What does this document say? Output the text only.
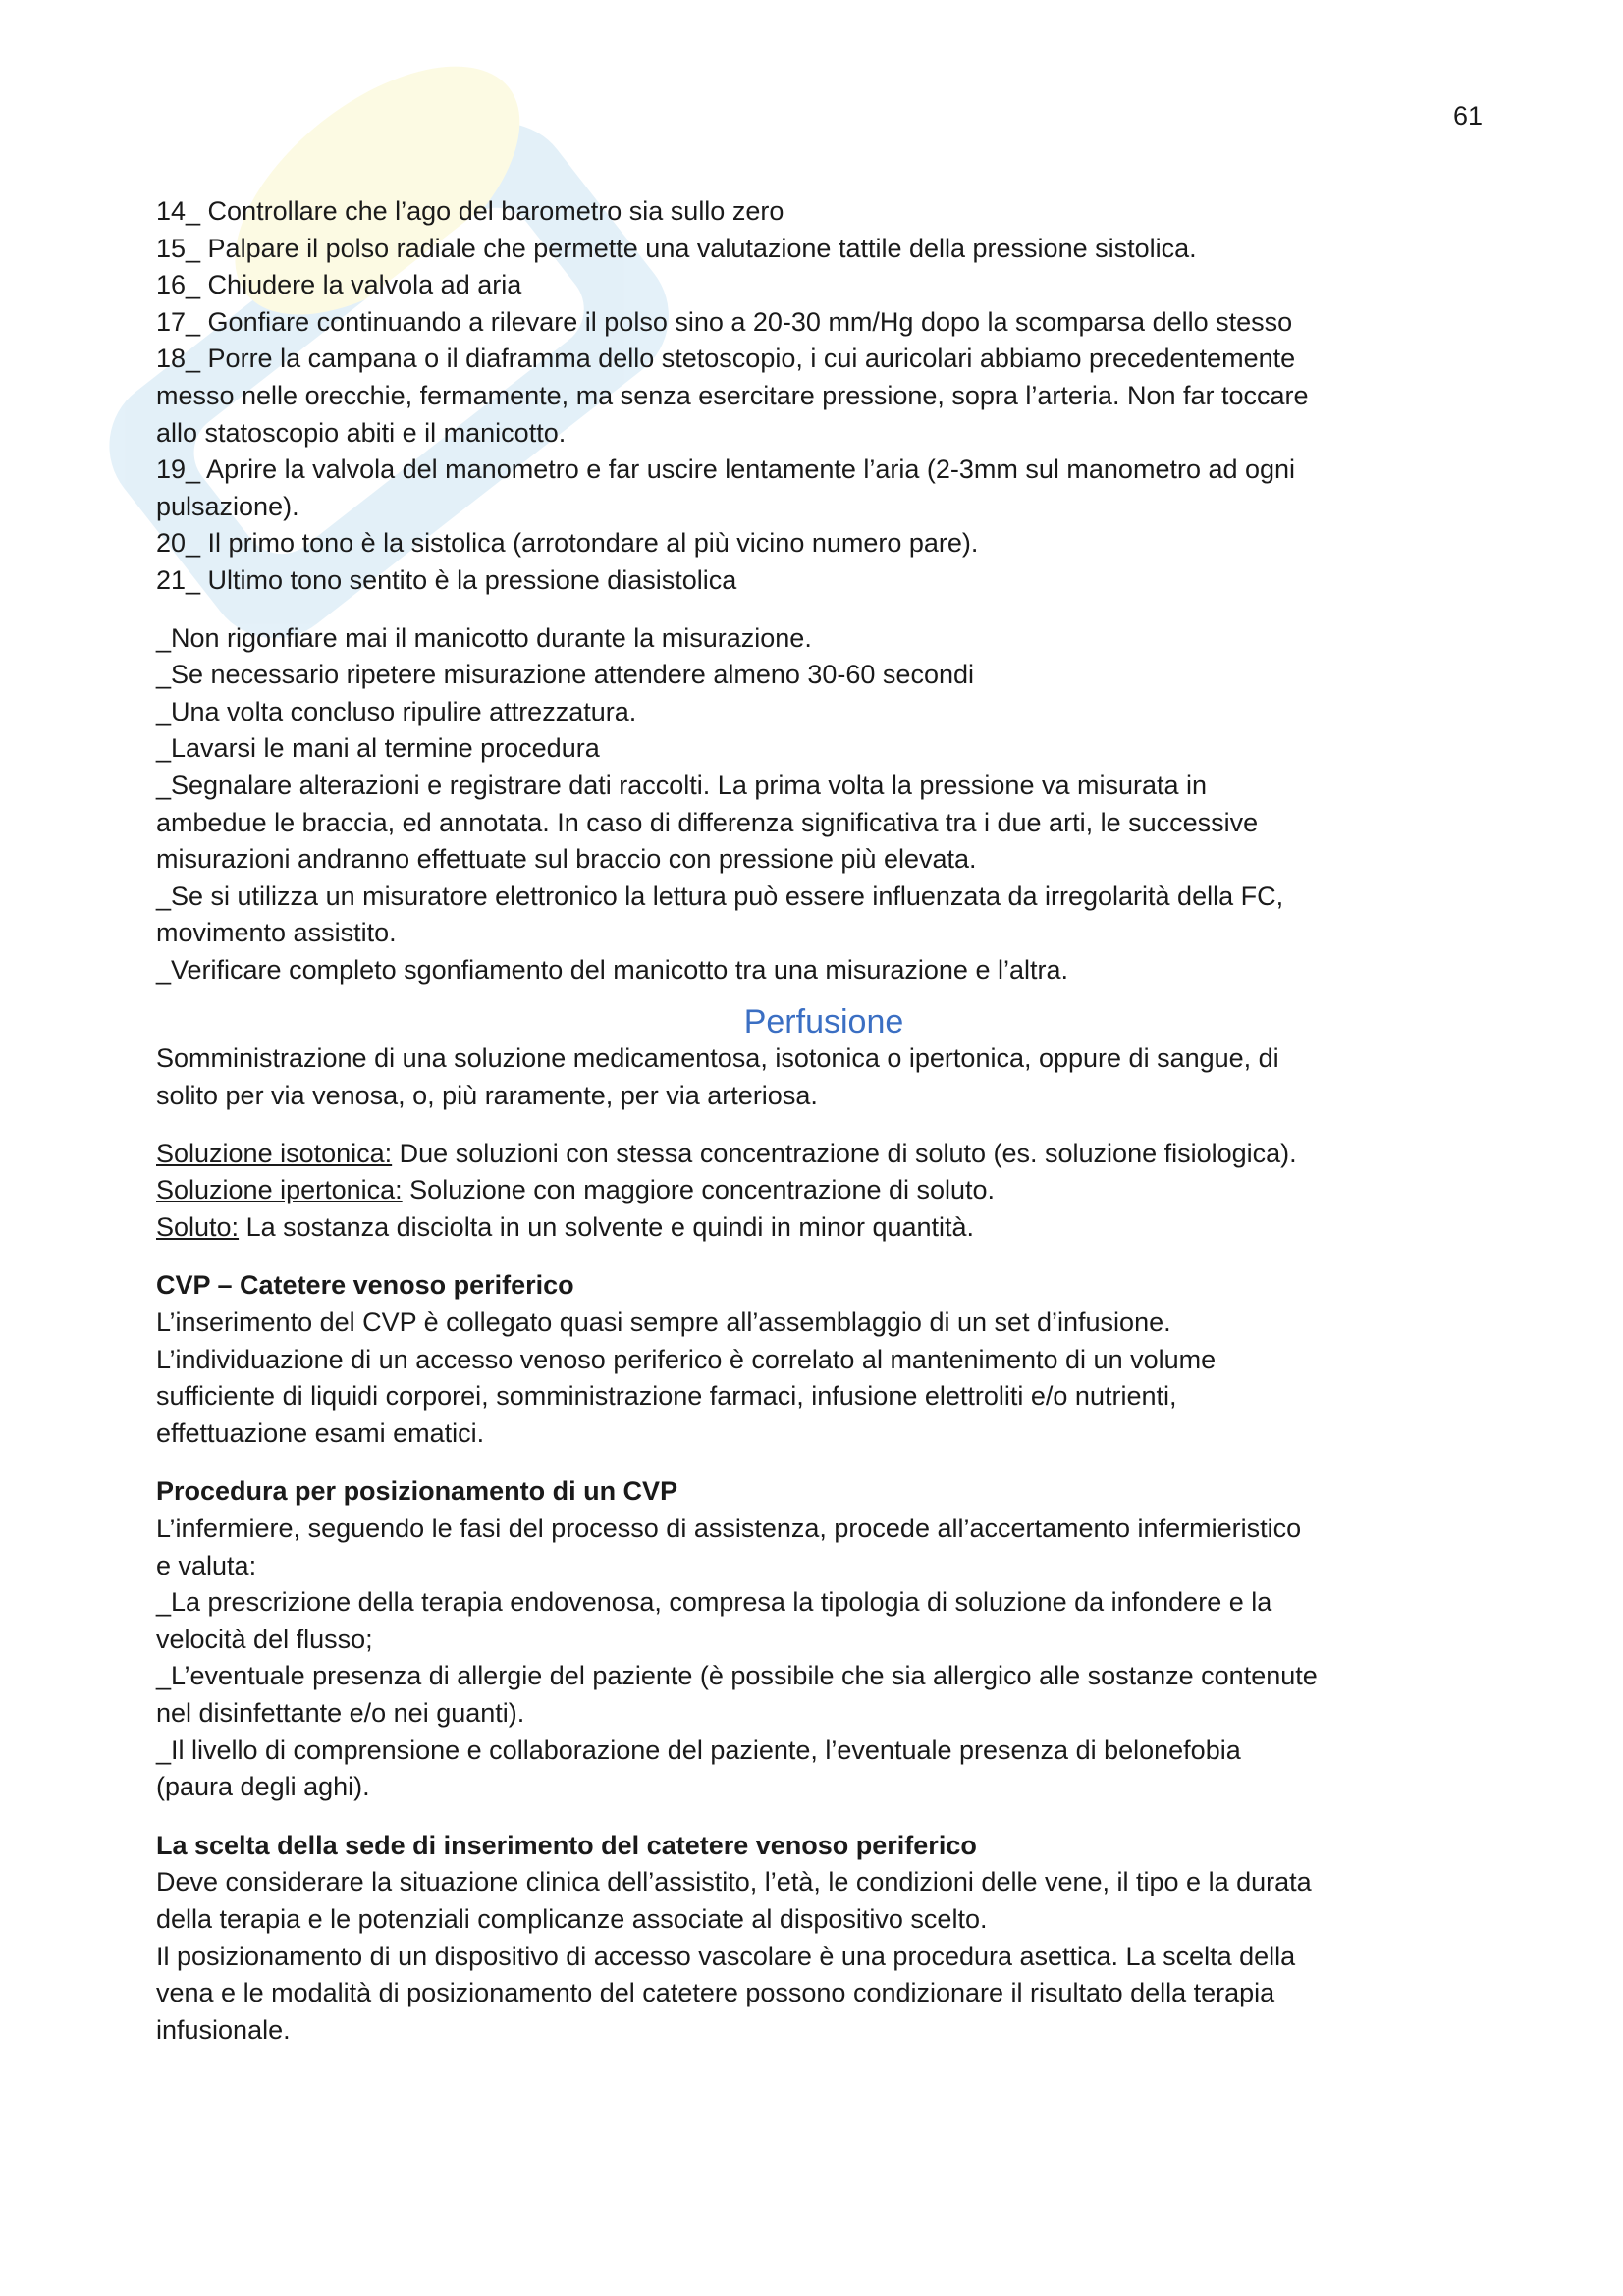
61

14_ Controllare che l’ago del barometro sia sullo zero

15_ Palpare il polso radiale che permette una valutazione tattile della pressione sistolica.

16_ Chiudere la valvola ad aria

17_ Gonfiare continuando a rilevare il polso sino a 20-30 mm/Hg dopo la scomparsa dello stesso

18_ Porre la campana o il diaframma dello stetoscopio, i cui auricolari abbiamo precedentemente

messo nelle orecchie, fermamente, ma senza esercitare pressione, sopra l’arteria. Non far toccare

allo statoscopio abiti e il manicotto.

19_ Aprire la valvola del manometro e far uscire lentamente l’aria (2-3mm sul manometro ad ogni

pulsazione).

20_ Il primo tono è la sistolica (arrotondare al più vicino numero pare).

21_ Ultimo tono sentito è la pressione diasistolica

_Non rigonfiare mai il manicotto durante la misurazione.

_Se necessario ripetere misurazione attendere almeno 30-60 secondi

_Una volta concluso ripulire attrezzatura.

_Lavarsi le mani al termine procedura

_Segnalare alterazioni e registrare dati raccolti. La prima volta la pressione va misurata in

ambedue le braccia, ed annotata. In caso di differenza significativa tra i due arti, le successive

misurazioni andranno effettuate sul braccio con pressione più elevata.

_Se si utilizza un misuratore elettronico la lettura può essere influenzata da irregolarità della FC,

movimento assistito.

_Verificare completo sgonfiamento del manicotto tra una misurazione e l’altra.

Perfusione

Somministrazione di una soluzione medicamentosa, isotonica o ipertonica, oppure di sangue, di

solito per via venosa, o, più raramente, per via arteriosa.

Soluzione isotonica: Due soluzioni con stessa concentrazione di soluto (es. soluzione fisiologica).

Soluzione ipertonica: Soluzione con maggiore concentrazione di soluto.

Soluto: La sostanza disciolta in un solvente e quindi in minor quantità.

CVP – Catetere venoso periferico

L’inserimento del CVP è collegato quasi sempre all’assemblaggio di un set d’infusione.

L’individuazione di un accesso venoso periferico è correlato al mantenimento di un volume

sufficiente di liquidi corporei, somministrazione farmaci, infusione elettroliti e/o nutrienti,

effettuazione esami ematici.

Procedura per posizionamento di un CVP

L’infermiere, seguendo le fasi del processo di assistenza, procede all’accertamento infermieristico

e valuta:

_La prescrizione della terapia endovenosa, compresa la tipologia di soluzione da infondere e la

velocità del flusso;

_L’eventuale presenza di allergie del paziente (è possibile che sia allergico alle sostanze contenute

nel disinfettante e/o nei guanti).

_Il livello di comprensione e collaborazione del paziente, l’eventuale presenza di belonefobia

(paura degli aghi).

La scelta della sede di inserimento del catetere venoso periferico

Deve considerare la situazione clinica dell’assistito, l’età, le condizioni delle vene, il tipo e la durata

della terapia e le potenziali complicanze associate al dispositivo scelto.

Il posizionamento di un dispositivo di accesso vascolare è una procedura asettica. La scelta della

vena e le modalità di posizionamento del catetere possono condizionare il risultato della terapia

infusionale.
